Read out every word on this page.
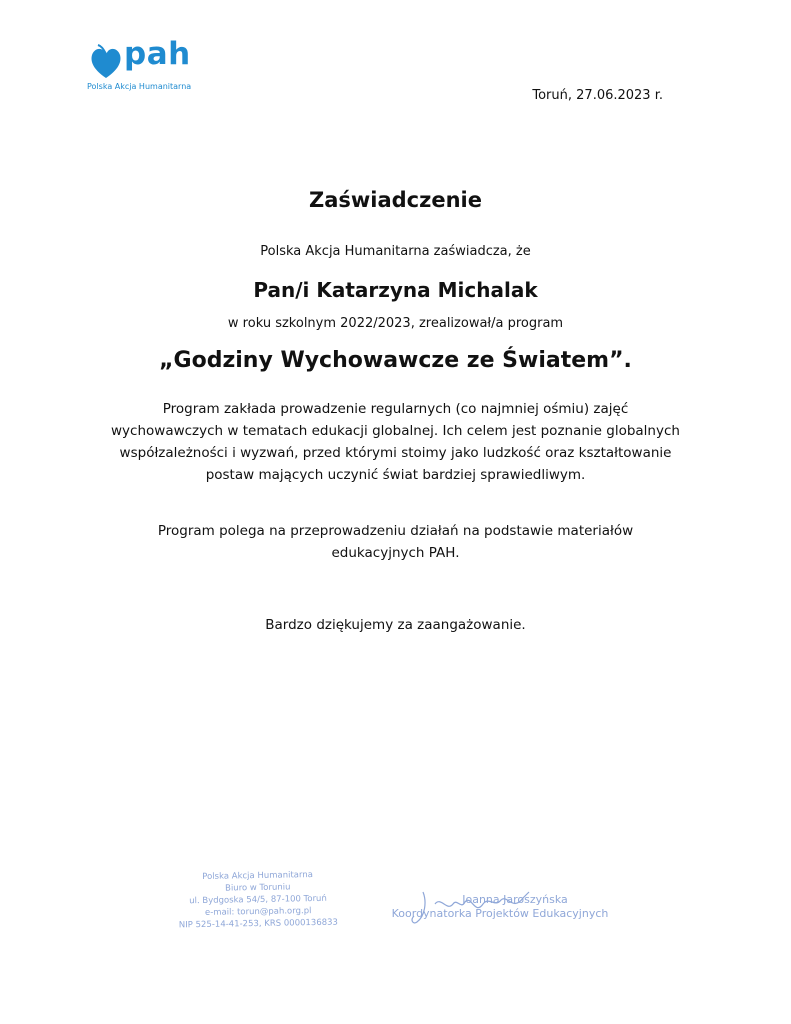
pah
Polska Akcja Humanitarna
Toruń, 27.06.2023 r.
Zaświadczenie
Polska Akcja Humanitarna zaświadcza, że
Pan/i Katarzyna Michalak
w roku szkolnym 2022/2023, zrealizował/a program
„Godziny Wychowawcze ze Światem”.
Program zakłada prowadzenie regularnych (co najmniej ośmiu) zajęć wychowawczych w tematach edukacji globalnej. Ich celem jest poznanie globalnych współzależności i wyzwań, przed którymi stoimy jako ludzkość oraz kształtowanie postaw mających uczynić świat bardziej sprawiedliwym.
Program polega na przeprowadzeniu działań na podstawie materiałów edukacyjnych PAH.
Bardzo dziękujemy za zaangażowanie.
Polska Akcja Humanitarna
Biuro w Toruniu
ul. Bydgoska 54/5, 87-100 Toruń
e-mail: torun@pah.org.pl
NIP 525-14-41-253, KRS 0000136833
Joanna Jaroszyńska
Koordynatorka Projektów Edukacyjnych
